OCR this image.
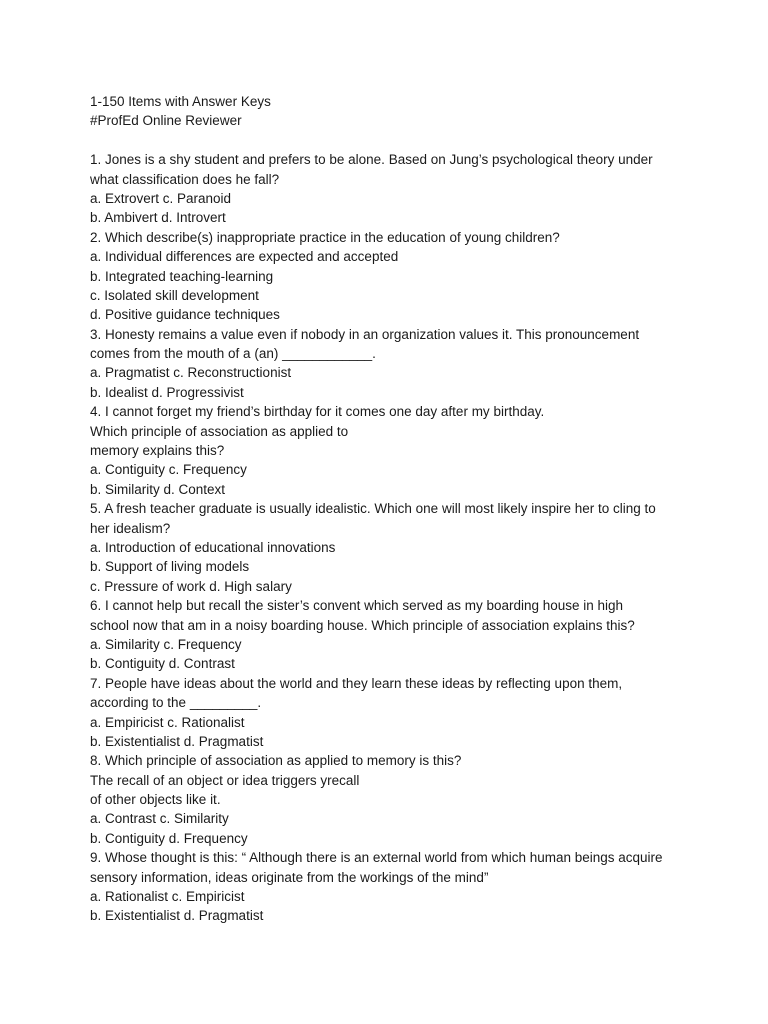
1-150 Items with Answer Keys

#ProfEd Online Reviewer

1. Jones is a shy student and prefers to be alone. Based on Jung’s psychological theory under

what classification does he fall?

a. Extrovert c. Paranoid

b. Ambivert d. Introvert

2. Which describe(s) inappropriate practice in the education of young children?

a. Individual differences are expected and accepted

b. Integrated teaching-learning

c. Isolated skill development

d. Positive guidance techniques

3. Honesty remains a value even if nobody in an organization values it. This pronouncement

comes from the mouth of a (an) ____________.

a. Pragmatist c. Reconstructionist

b. Idealist d. Progressivist

4. I cannot forget my friend’s birthday for it comes one day after my birthday.

Which principle of association as applied to

memory explains this?

a. Contiguity c. Frequency

b. Similarity d. Context

5. A fresh teacher graduate is usually idealistic. Which one will most likely inspire her to cling to

her idealism?

a. Introduction of educational innovations

b. Support of living models

c. Pressure of work d. High salary

6. I cannot help but recall the sister’s convent which served as my boarding house in high

school now that am in a noisy boarding house. Which principle of association explains this?

a. Similarity c. Frequency

b. Contiguity d. Contrast

7. People have ideas about the world and they learn these ideas by reflecting upon them,

according to the _________.

a. Empiricist c. Rationalist

b. Existentialist d. Pragmatist

8. Which principle of association as applied to memory is this?

The recall of an object or idea triggers yrecall

of other objects like it.

a. Contrast c. Similarity

b. Contiguity d. Frequency

9. Whose thought is this: “ Although there is an external world from which human beings acquire

sensory information, ideas originate from the workings of the mind”

a. Rationalist c. Empiricist

b. Existentialist d. Pragmatist
